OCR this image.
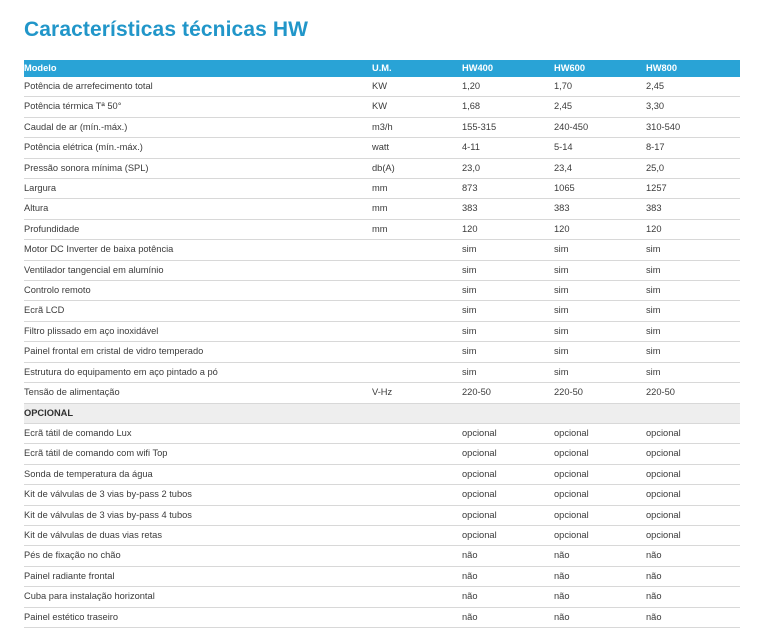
Características técnicas HW
Modelo	U.M.	HW400	HW600	HW800
Potência de arrefecimento total	KW	1,20	1,70	2,45
Potência térmica Tª 50°	KW	1,68	2,45	3,30
Caudal de ar (mín.-máx.)	m3/h	155-315	240-450	310-540
Potência elétrica (mín.-máx.)	watt	4-11	5-14	8-17
Pressão sonora mínima (SPL)	db(A)	23,0	23,4	25,0
Largura	mm	873	1065	1257
Altura	mm	383	383	383
Profundidade	mm	120	120	120
Motor DC Inverter de baixa potência		sim	sim	sim
Ventilador tangencial em alumínio		sim	sim	sim
Controlo remoto		sim	sim	sim
Ecrã LCD		sim	sim	sim
Filtro plissado em aço inoxidável		sim	sim	sim
Painel frontal em cristal de vidro temperado		sim	sim	sim
Estrutura do equipamento em aço pintado a pó		sim	sim	sim
Tensão de alimentação	V-Hz	220-50	220-50	220-50
OPCIONAL				
Ecrã tátil de comando Lux		opcional	opcional	opcional
Ecrã tátil de comando com wifi Top		opcional	opcional	opcional
Sonda de temperatura da água		opcional	opcional	opcional
Kit de válvulas de 3 vias by-pass 2 tubos		opcional	opcional	opcional
Kit de válvulas de 3 vias by-pass 4 tubos		opcional	opcional	opcional
Kit de válvulas de duas vias retas		opcional	opcional	opcional
Pés de fixação no chão		não	não	não
Painel radiante frontal		não	não	não
Cuba para instalação horizontal		não	não	não
Painel estético traseiro		não	não	não
